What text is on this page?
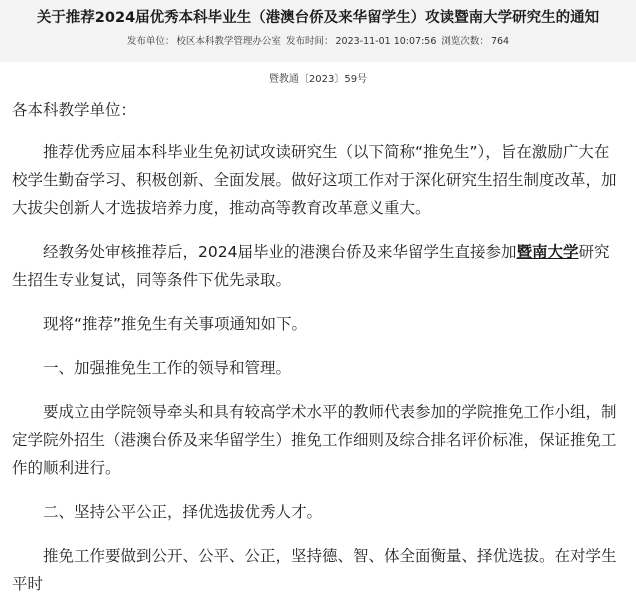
关于推荐2024届优秀本科毕业生（港澳台侨及来华留学生）攻读暨南大学研究生的通知
发布单位： 校区本科教学管理办公室 发布时间： 2023-11-01 10:07:56 浏览次数： 764
暨教通〔2023〕59号

各本科教学单位：

推荐优秀应届本科毕业生免初试攻读研究生（以下简称“推免生”），旨在激励广大在校学生勤奋学习、积极创新、全面发展。做好这项工作对于深化研究生招生制度改革，加大拔尖创新人才选拔培养力度，推动高等教育改革意义重大。

经教务处审核推荐后，2024届毕业的港澳台侨及来华留学生直接参加暨南大学研究生招生专业复试，同等条件下优先录取。

现将“推荐”推免生有关事项通知如下。

一、加强推免生工作的领导和管理。

要成立由学院领导牵头和具有较高学术水平的教师代表参加的学院推免工作小组，制定学院外招生（港澳台侨及来华留学生）推免工作细则及综合排名评价标准，保证推免工作的顺利进行。

二、坚持公平公正，择优选拔优秀人才。

推免工作要做到公开、公平、公正，坚持德、智、体全面衡量、择优选拔。在对学生平时
